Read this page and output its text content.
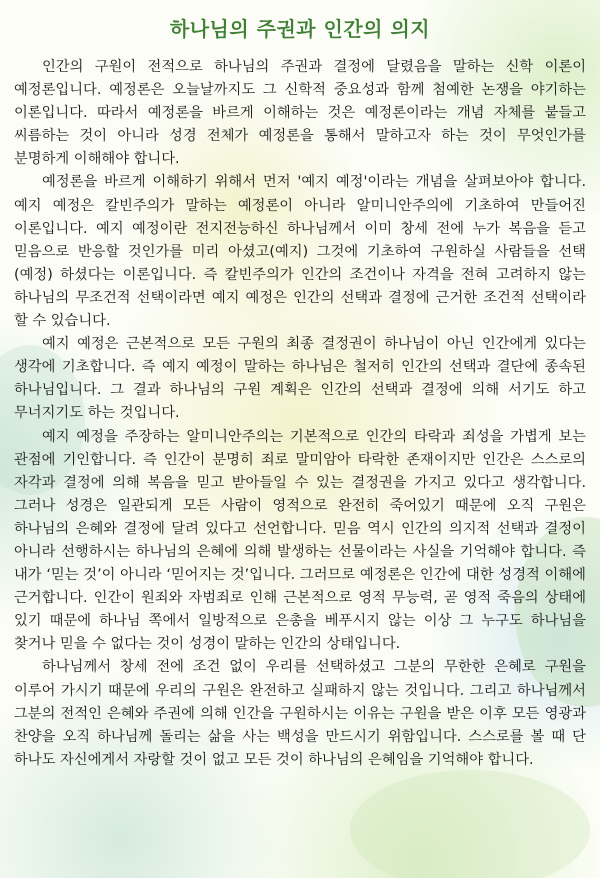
하나님의 주권과 인간의 의지

인간의 구원이 전적으로 하나님의 주권과 결정에 달렸음을 말하는 신학 이론이 예정론입니다. 예정론은 오늘날까지도 그 신학적 중요성과 함께 첨예한 논쟁을 야기하는 이론입니다. 따라서 예정론을 바르게 이해하는 것은 예정론이라는 개념 자체를 붙들고 씨름하는 것이 아니라 성경 전체가 예정론을 통해서 말하고자 하는 것이 무엇인가를 분명하게 이해해야 합니다.

예정론을 바르게 이해하기 위해서 먼저 '예지 예정'이라는 개념을 살펴보아야 합니다. 예지 예정은 칼빈주의가 말하는 예정론이 아니라 알미니안주의에 기초하여 만들어진 이론입니다. 예지 예정이란 전지전능하신 하나님께서 이미 창세 전에 누가 복음을 듣고 믿음으로 반응할 것인가를 미리 아셨고(예지) 그것에 기초하여 구원하실 사람들을 선택(예정) 하셨다는 이론입니다. 즉 칼빈주의가 인간의 조건이나 자격을 전혀 고려하지 않는 하나님의 무조건적 선택이라면 예지 예정은 인간의 선택과 결정에 근거한 조건적 선택이라 할 수 있습니다.

예지 예정은 근본적으로 모든 구원의 최종 결정권이 하나님이 아닌 인간에게 있다는 생각에 기초합니다. 즉 예지 예정이 말하는 하나님은 철저히 인간의 선택과 결단에 종속된 하나님입니다. 그 결과 하나님의 구원 계획은 인간의 선택과 결정에 의해 서기도 하고 무너지기도 하는 것입니다.

예지 예정을 주장하는 알미니안주의는 기본적으로 인간의 타락과 죄성을 가볍게 보는 관점에 기인합니다. 즉 인간이 분명히 죄로 말미암아 타락한 존재이지만 인간은 스스로의 자각과 결정에 의해 복음을 믿고 받아들일 수 있는 결정권을 가지고 있다고 생각합니다. 그러나 성경은 일관되게 모든 사람이 영적으로 완전히 죽어있기 때문에 오직 구원은 하나님의 은혜와 결정에 달려 있다고 선언합니다. 믿음 역시 인간의 의지적 선택과 결정이 아니라 선행하시는 하나님의 은혜에 의해 발생하는 선물이라는 사실을 기억해야 합니다. 즉 내가 ‘믿는 것’이 아니라 ‘믿어지는 것’입니다. 그러므로 예정론은 인간에 대한 성경적 이해에 근거합니다. 인간이 원죄와 자범죄로 인해 근본적으로 영적 무능력, 곧 영적 죽음의 상태에 있기 때문에 하나님 쪽에서 일방적으로 은총을 베푸시지 않는 이상 그 누구도 하나님을 찾거나 믿을 수 없다는 것이 성경이 말하는 인간의 상태입니다.

하나님께서 창세 전에 조건 없이 우리를 선택하셨고 그분의 무한한 은혜로 구원을 이루어 가시기 때문에 우리의 구원은 완전하고 실패하지 않는 것입니다. 그리고 하나님께서 그분의 전적인 은혜와 주권에 의해 인간을 구원하시는 이유는 구원을 받은 이후 모든 영광과 찬양을 오직 하나님께 돌리는 삶을 사는 백성을 만드시기 위함입니다. 스스로를 볼 때 단 하나도 자신에게서 자랑할 것이 없고 모든 것이 하나님의 은혜임을 기억해야 합니다.
